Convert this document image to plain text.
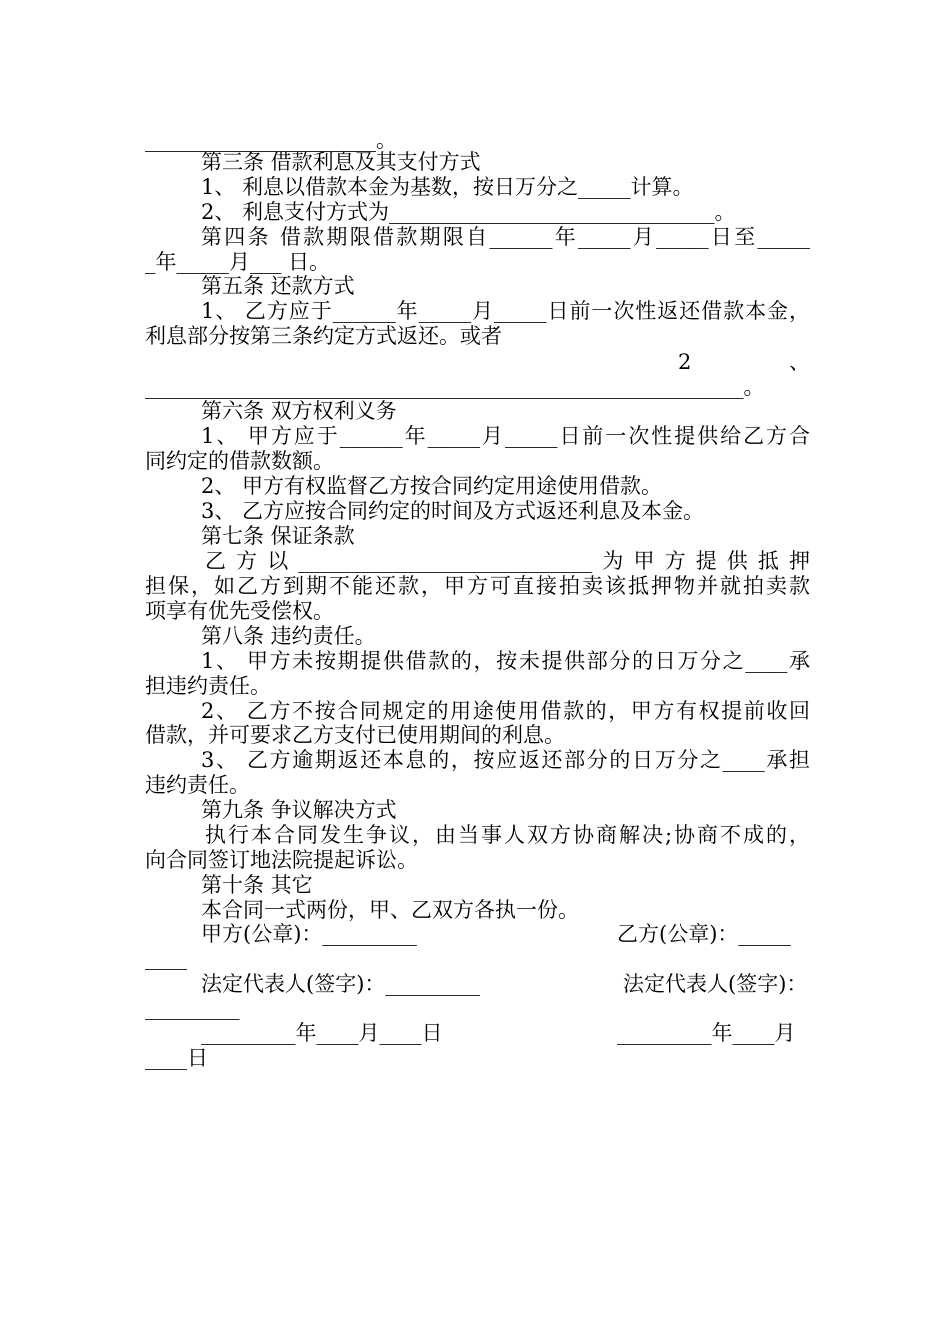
______________________。
第三条 借款利息及其支付方式
1、 利息以借款本金为基数，按日万分之_____计算。
2、 利息支付方式为_______________________________。
第四条 借款期限借款期限自______年_____月_____日至_____
_年_____月___ 日。
第五条 还款方式
1、 乙方应于______年_____月_____日前一次性返还借款本金，
利息部分按第三条约定方式返还。或者
2	、
_________________________________________________________。
第六条 双方权利义务
1、 甲方应于______年_____月_____日前一次性提供给乙方合
同约定的借款数额。
2、 甲方有权监督乙方按合同约定用途使用借款。
3、 乙方应按合同约定的时间及方式返还利息及本金。
第七条 保证条款
乙方以____________________________为甲方提供抵押
担保，如乙方到期不能还款，甲方可直接拍卖该抵押物并就拍卖款
项享有优先受偿权。
第八条 违约责任。
1、 甲方未按期提供借款的，按未提供部分的日万分之____承
担违约责任。
2、 乙方不按合同规定的用途使用借款的，甲方有权提前收回
借款，并可要求乙方支付已使用期间的利息。
3、 乙方逾期返还本息的，按应返还部分的日万分之____承担
违约责任。
第九条 争议解决方式
执行本合同发生争议，由当事人双方协商解决;协商不成的，
向合同签订地法院提起诉讼。
第十条 其它
本合同一式两份，甲、乙双方各执一份。
甲方(公章)：_________	乙方(公章)：_____
____
法定代表人(签字)：_________	法定代表人(签字)：
_________
_________年____月____日	_________年____月
____日
